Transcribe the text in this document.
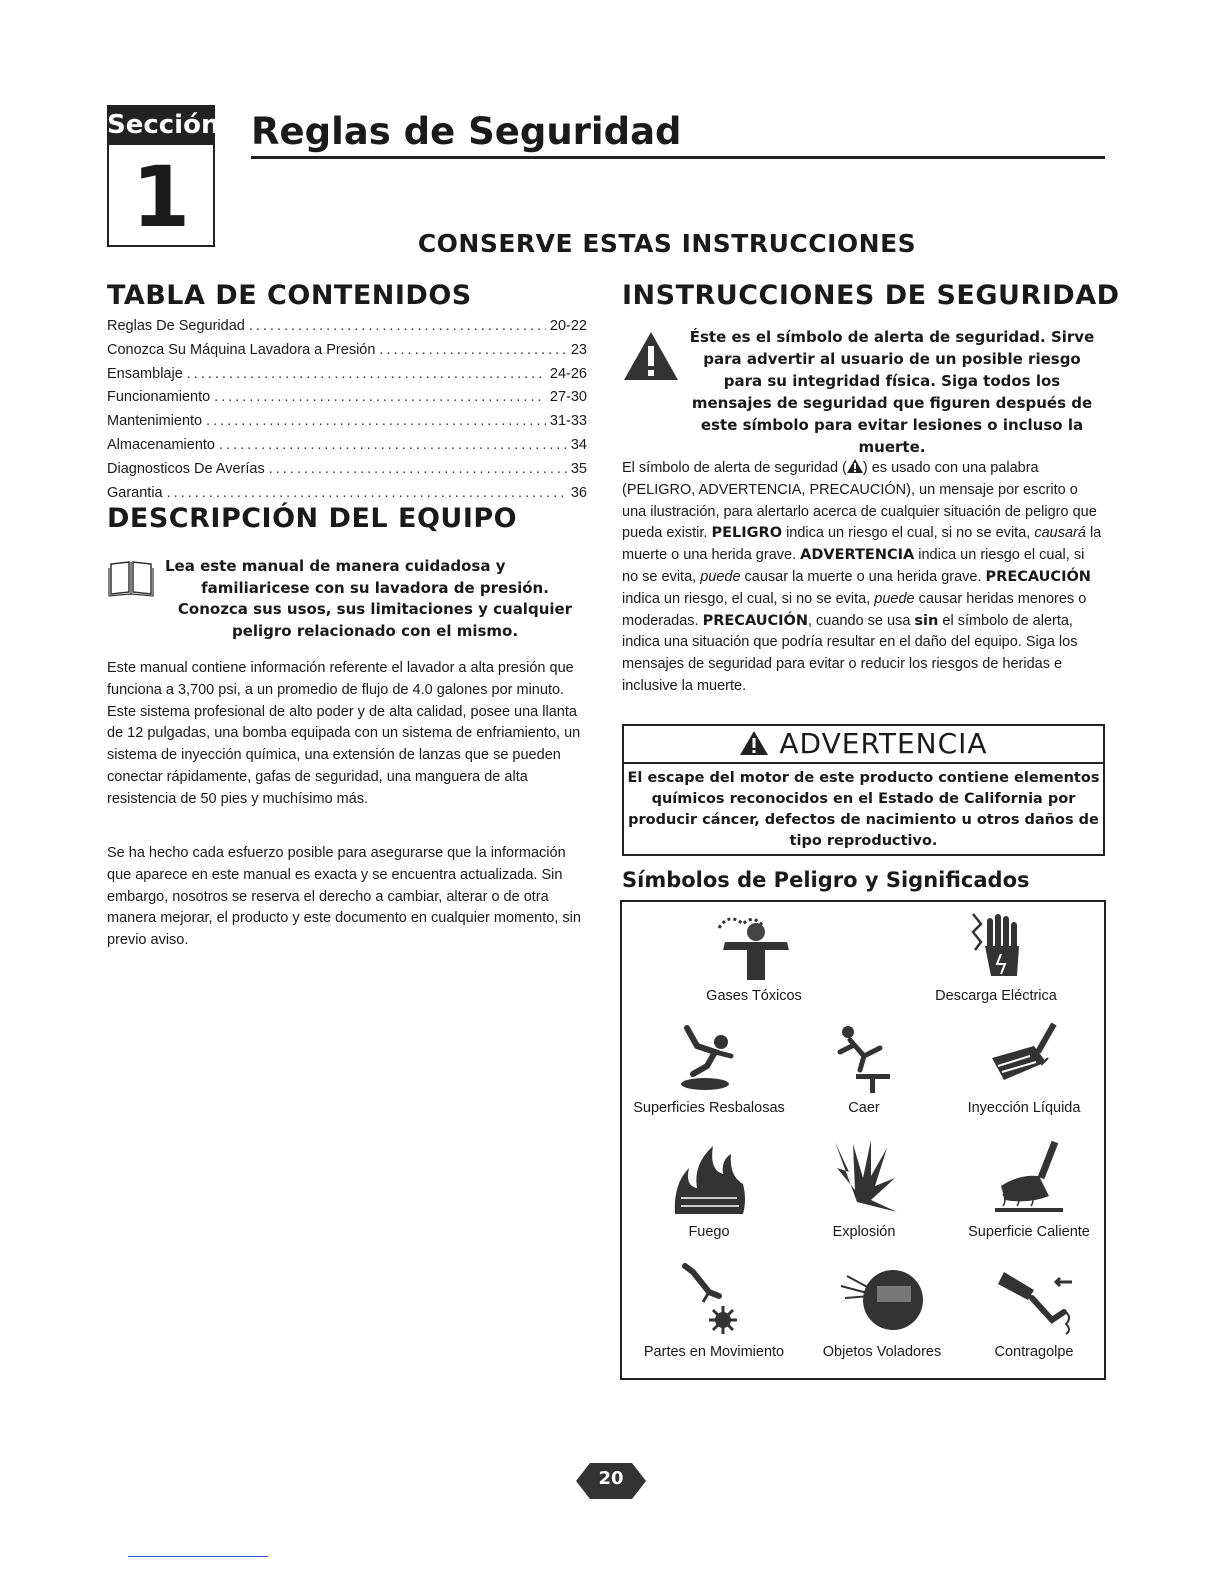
Sección
1
Reglas de Seguridad
CONSERVE ESTAS INSTRUCCIONES
TABLA DE CONTENIDOS
Reglas De Seguridad .....	20-22
Conozca Su Máquina Lavadora a Presión .....	23
Ensamblaje .....	24-26
Funcionamiento .....	27-30
Mantenimiento .....	31-33
Almacenamiento .....	34
Diagnosticos De Averías .....	35
Garantia .....	36
DESCRIPCIÓN DEL EQUIPO
Lea este manual de manera cuidadosa y
familiaricese con su lavadora de presión. Conozca sus usos, sus limitaciones y cualquier peligro relacionado con el mismo.
Este manual contiene información referente el lavador a alta presión que funciona a 3,700 psi, a un promedio de flujo de 4.0 galones por minuto. Este sistema profesional de alto poder y de alta calidad, posee una llanta de 12 pulgadas, una bomba equipada con un sistema de enfriamiento, un sistema de inyección química, una extensión de lanzas que se pueden conectar rápidamente, gafas de seguridad, una manguera de alta resistencia de 50 pies y muchísimo más.
Se ha hecho cada esfuerzo posible para asegurarse que la información que aparece en este manual es exacta y se encuentra actualizada. Sin embargo, nosotros se reserva el derecho a cambiar, alterar o de otra manera mejorar, el producto y este documento en cualquier momento, sin previo aviso.
INSTRUCCIONES DE SEGURIDAD
Éste es el símbolo de alerta de seguridad. Sirve para advertir al usuario de un posible riesgo para su integridad física. Siga todos los mensajes de seguridad que figuren después de este símbolo para evitar lesiones o incluso la muerte.
El símbolo de alerta de seguridad ( ) es usado con una palabra (PELIGRO, ADVERTENCIA, PRECAUCIÓN), un mensaje por escrito o una ilustración, para alertarlo acerca de cualquier situación de peligro que pueda existir. PELIGRO indica un riesgo el cual, si no se evita, causará la muerte o una herida grave. ADVERTENCIA indica un riesgo el cual, si no se evita, puede causar la muerte o una herida grave. PRECAUCIÓN indica un riesgo, el cual, si no se evita, puede causar heridas menores o moderadas. PRECAUCIÓN, cuando se usa sin el símbolo de alerta, indica una situación que podría resultar en el daño del equipo. Siga los mensajes de seguridad para evitar o reducir los riesgos de heridas e inclusive la muerte.
ADVERTENCIA
El escape del motor de este producto contiene elementos químicos reconocidos en el Estado de California por producir cáncer, defectos de nacimiento u otros daños de tipo reproductivo.
Símbolos de Peligro y Significados
Gases Tóxicos	Descarga Eléctrica
Superficies Resbalosas	Caer	Inyección Líquida
Fuego	Explosión	Superficie Caliente
Partes en Movimiento	Objetos Voladores	Contragolpe
20
